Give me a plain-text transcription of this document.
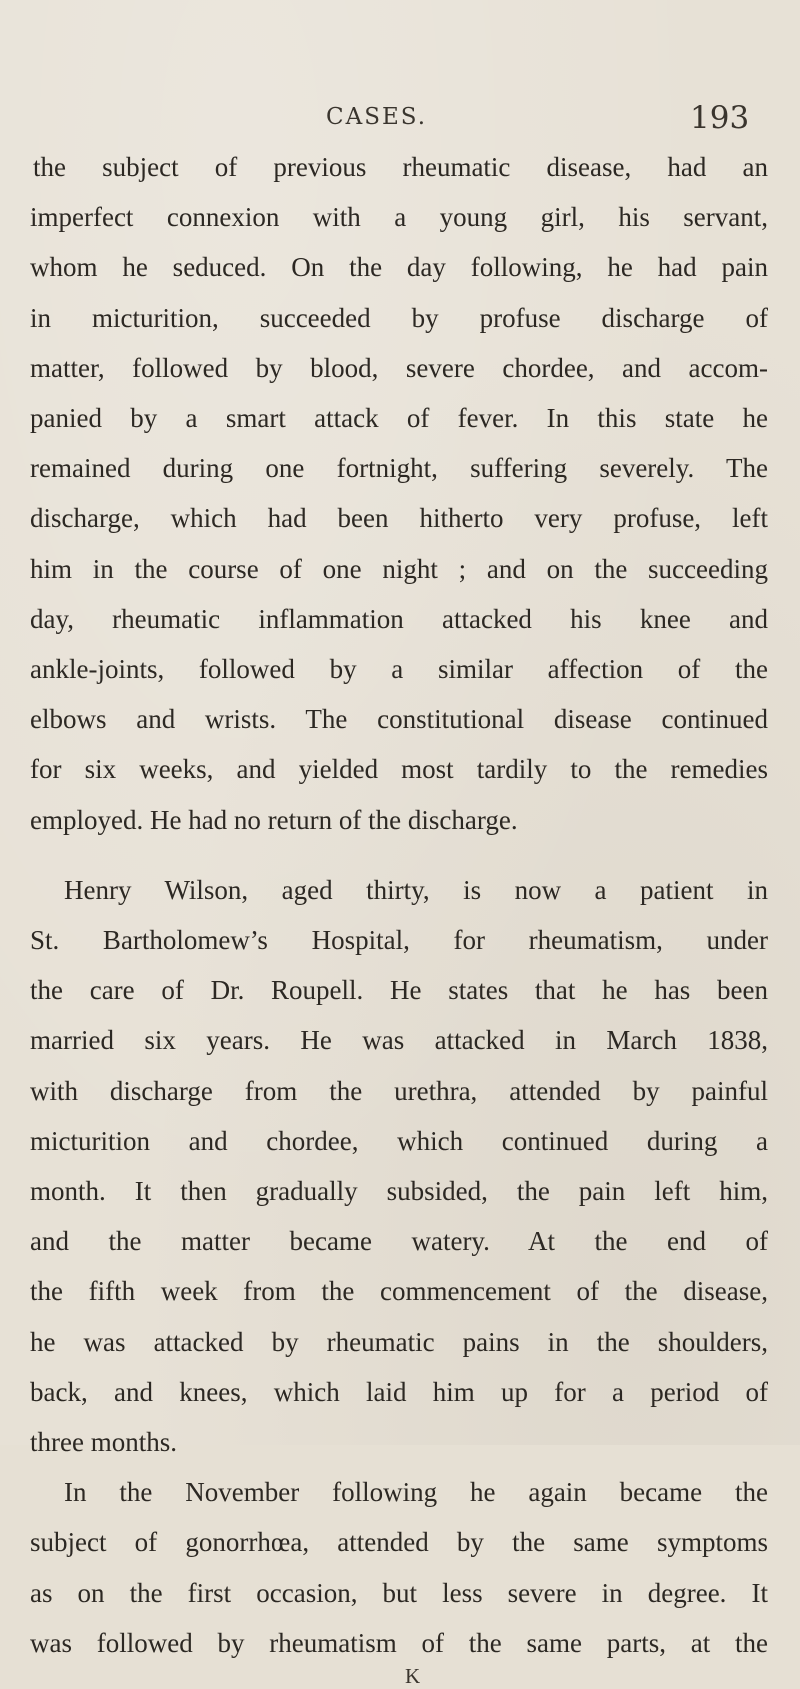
CASES.	193
the subject of previous rheumatic disease, had an
imperfect connexion with a young girl, his servant,
whom he seduced. On the day following, he had pain
in micturition, succeeded by profuse discharge of
matter, followed by blood, severe chordee, and accom-
panied by a smart attack of fever. In this state he
remained during one fortnight, suffering severely. The
discharge, which had been hitherto very profuse, left
him in the course of one night ; and on the succeeding
day, rheumatic inflammation attacked his knee and
ankle-joints, followed by a similar affection of the
elbows and wrists. The constitutional disease continued
for six weeks, and yielded most tardily to the remedies
employed. He had no return of the discharge.
Henry Wilson, aged thirty, is now a patient in
St. Bartholomew’s Hospital, for rheumatism, under
the care of Dr. Roupell. He states that he has been
married six years. He was attacked in March 1838,
with discharge from the urethra, attended by painful
micturition and chordee, which continued during a
month. It then gradually subsided, the pain left him,
and the matter became watery. At the end of
the fifth week from the commencement of the disease,
he was attacked by rheumatic pains in the shoulders,
back, and knees, which laid him up for a period of
three months.
In the November following he again became the
subject of gonorrhœa, attended by the same symptoms
as on the first occasion, but less severe in degree. It
was followed by rheumatism of the same parts, at the
K
